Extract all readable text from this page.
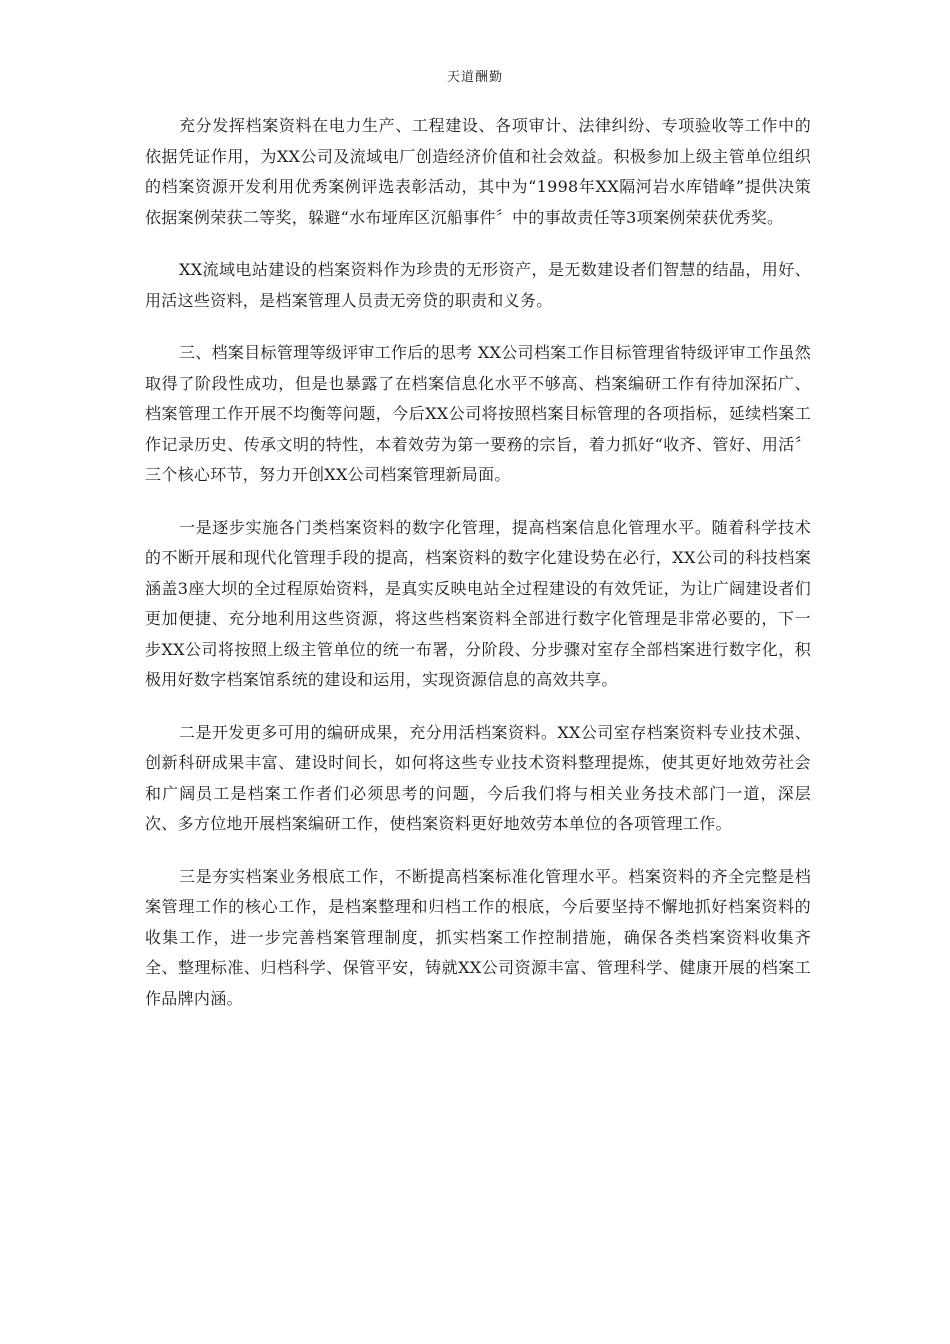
天道酬勤

充分发挥档案资料在电力生产、工程建设、各项审计、法律纠纷、专项验收等工作中的依据凭证作用，为XX公司及流域电厂创造经济价值和社会效益。积极参加上级主管单位组织的档案资源开发利用优秀案例评选表彰活动，其中为“1998年XX隔河岩水库错峰”提供决策依据案例荣获二等奖，躲避“水布垭库区沉船事件〞中的事故责任等3项案例荣获优秀奖。

XX流域电站建设的档案资料作为珍贵的无形资产，是无数建设者们智慧的结晶，用好、用活这些资料，是档案管理人员责无旁贷的职责和义务。

三、档案目标管理等级评审工作后的思考 XX公司档案工作目标管理省特级评审工作虽然取得了阶段性成功，但是也暴露了在档案信息化水平不够高、档案编研工作有待加深拓广、档案管理工作开展不均衡等问题，今后XX公司将按照档案目标管理的各项指标，延续档案工作记录历史、传承文明的特性，本着效劳为第一要務的宗旨，着力抓好“收齐、管好、用活〞三个核心环节，努力开创XX公司档案管理新局面。

一是逐步实施各门类档案资料的数字化管理，提高档案信息化管理水平。随着科学技术的不断开展和现代化管理手段的提高，档案资料的数字化建设势在必行，XX公司的科技档案涵盖3座大坝的全过程原始资料，是真实反映电站全过程建设的有效凭证，为让广阔建设者们更加便捷、充分地利用这些资源，将这些档案资料全部进行数字化管理是非常必要的，下一步XX公司将按照上级主管单位的统一布署，分阶段、分步骤对室存全部档案进行数字化，积极用好数字档案馆系统的建设和运用，实现资源信息的高效共享。

二是开发更多可用的编研成果，充分用活档案资料。XX公司室存档案资料专业技术强、创新科研成果丰富、建设时间长，如何将这些专业技术资料整理提炼，使其更好地效劳社会和广阔员工是档案工作者们必须思考的问题，今后我们将与相关业务技术部门一道，深层次、多方位地开展档案编研工作，使档案资料更好地效劳本单位的各项管理工作。

三是夯实档案业务根底工作，不断提高档案标准化管理水平。档案资料的齐全完整是档案管理工作的核心工作，是档案整理和归档工作的根底，今后要坚持不懈地抓好档案资料的收集工作，进一步完善档案管理制度，抓实档案工作控制措施，确保各类档案资料收集齐全、整理标准、归档科学、保管平安，铸就XX公司资源丰富、管理科学、健康开展的档案工作品牌内涵。
